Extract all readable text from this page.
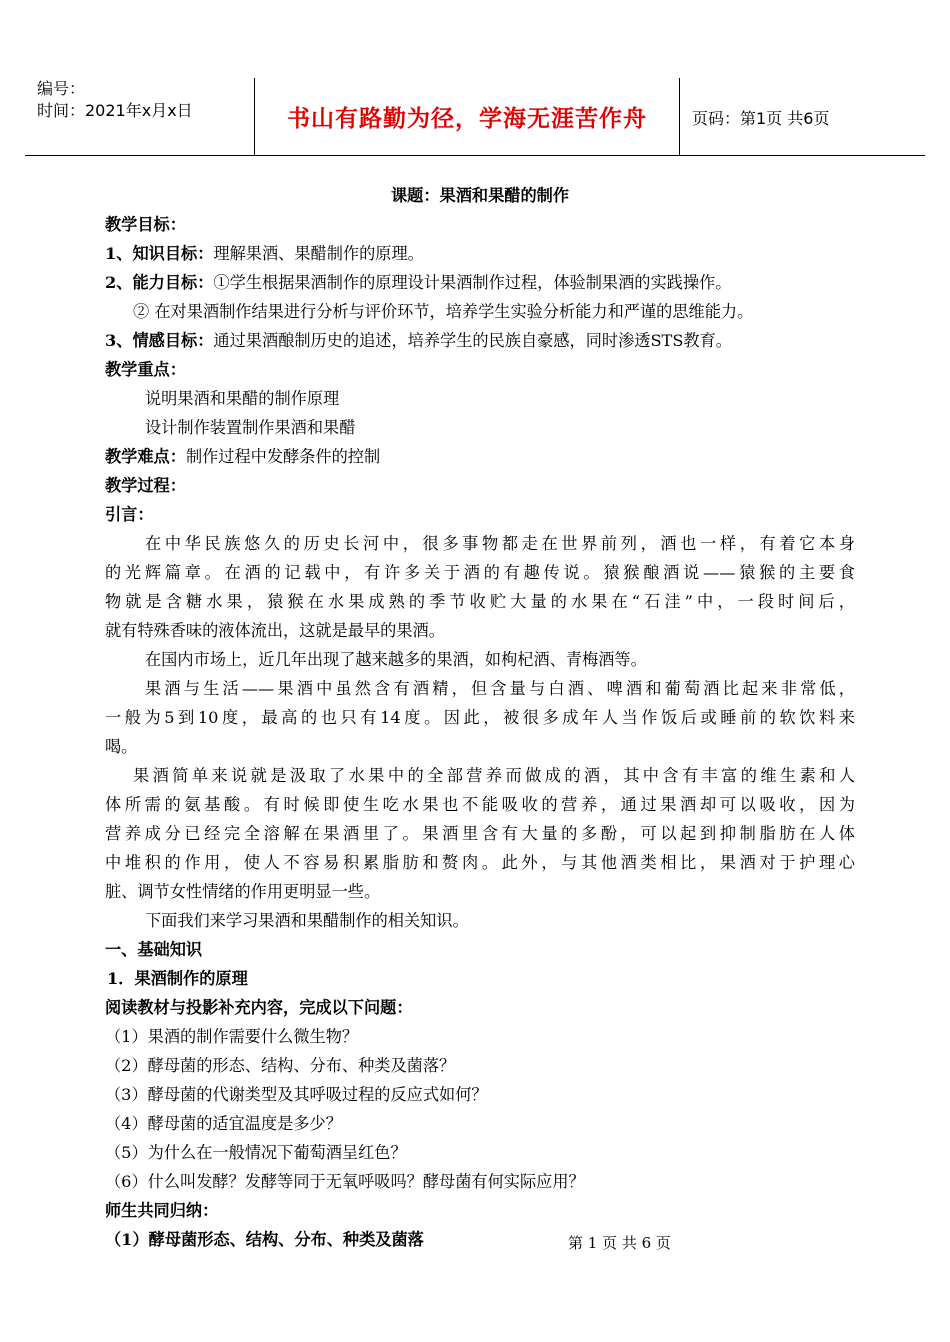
编号：
时间：2021年x月x日	书山有路勤为径，学海无涯苦作舟	页码：第1页 共6页
课题：果酒和果醋的制作
教学目标：
1、知识目标：理解果酒、果醋制作的原理。
2、能力目标：①学生根据果酒制作的原理设计果酒制作过程，体验制果酒的实践操作。
② 在对果酒制作结果进行分析与评价环节，培养学生实验分析能力和严谨的思维能力。
3、情感目标：通过果酒酿制历史的追述，培养学生的民族自豪感，同时渗透STS教育。
教学重点：
说明果酒和果醋的制作原理
设计制作装置制作果酒和果醋
教学难点：制作过程中发酵条件的控制
教学过程：
引言：
在中华民族悠久的历史长河中，很多事物都走在世界前列，酒也一样，有着它本身
的光辉篇章。在酒的记载中，有许多关于酒的有趣传说。猿猴酿酒说——猿猴的主要食
物就是含糖水果，猿猴在水果成熟的季节收贮大量的水果在“石洼”中，一段时间后，
就有特殊香味的液体流出，这就是最早的果酒。
在国内市场上，近几年出现了越来越多的果酒，如枸杞酒、青梅酒等。
果酒与生活——果酒中虽然含有酒精，但含量与白酒、啤酒和葡萄酒比起来非常低，
一般为5到10度，最高的也只有14度。因此，被很多成年人当作饭后或睡前的软饮料来
喝。
果酒简单来说就是汲取了水果中的全部营养而做成的酒，其中含有丰富的维生素和人
体所需的氨基酸。有时候即使生吃水果也不能吸收的营养，通过果酒却可以吸收，因为
营养成分已经完全溶解在果酒里了。果酒里含有大量的多酚，可以起到抑制脂肪在人体
中堆积的作用，使人不容易积累脂肪和赘肉。此外，与其他酒类相比，果酒对于护理心
脏、调节女性情绪的作用更明显一些。
下面我们来学习果酒和果醋制作的相关知识。
一、基础知识
1．果酒制作的原理
阅读教材与投影补充内容，完成以下问题：
（1）果酒的制作需要什么微生物？
（2）酵母菌的形态、结构、分布、种类及菌落？
（3）酵母菌的代谢类型及其呼吸过程的反应式如何？
（4）酵母菌的适宜温度是多少？
（5）为什么在一般情况下葡萄酒呈红色？
（6）什么叫发酵？发酵等同于无氧呼吸吗？酵母菌有何实际应用？
师生共同归纳：
（1）酵母菌形态、结构、分布、种类及菌落	第 1 页 共 6 页
